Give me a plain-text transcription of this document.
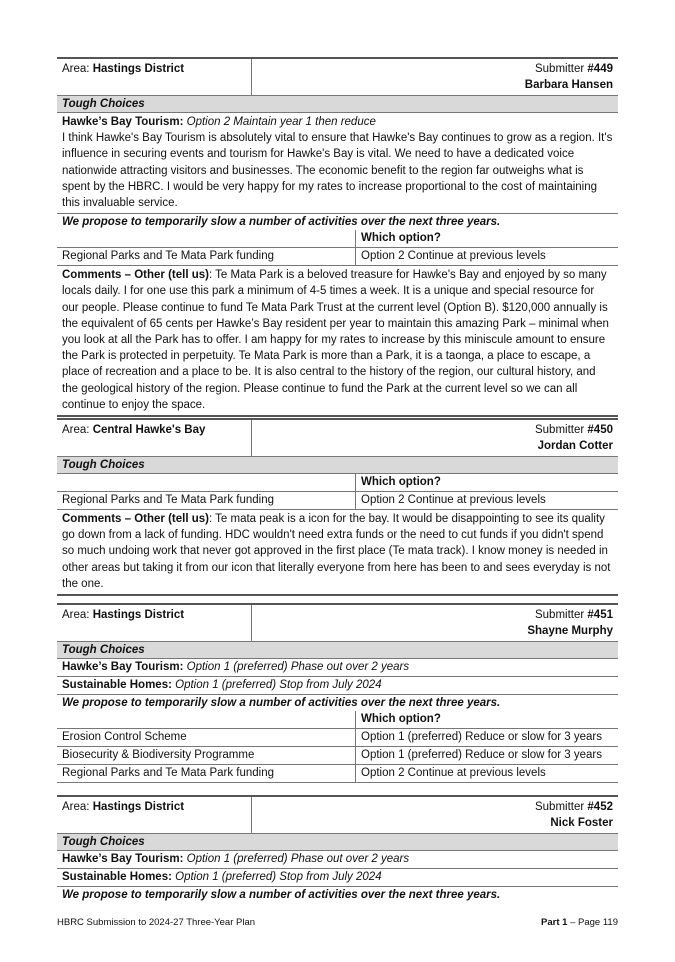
Area: Hastings District	Submitter #449
Barbara Hansen
Tough Choices
Hawke’s Bay Tourism: Option 2 Maintain year 1 then reduce
I think Hawke's Bay Tourism is absolutely vital to ensure that Hawke's Bay continues to grow as a region. It's influence in securing events and tourism for Hawke's Bay is vital. We need to have a dedicated voice nationwide attracting visitors and businesses. The economic benefit to the region far outweighs what is spent by the HBRC. I would be very happy for my rates to increase proportional to the cost of maintaining this invaluable service.
We propose to temporarily slow a number of activities over the next three years.
Which option?
Regional Parks and Te Mata Park funding	Option 2 Continue at previous levels
Comments – Other (tell us): Te Mata Park is a beloved treasure for Hawke's Bay and enjoyed by so many locals daily. I for one use this park a minimum of 4-5 times a week. It is a unique and special resource for our people. Please continue to fund Te Mata Park Trust at the current level (Option B). $120,000 annually is the equivalent of 65 cents per Hawke’s Bay resident per year to maintain this amazing Park – minimal when you look at all the Park has to offer. I am happy for my rates to increase by this miniscule amount to ensure the Park is protected in perpetuity. Te Mata Park is more than a Park, it is a taonga, a place to escape, a place of recreation and a place to be. It is also central to the history of the region, our cultural history, and the geological history of the region. Please continue to fund the Park at the current level so we can all continue to enjoy the space.
Area: Central Hawke's Bay	Submitter #450
Jordan Cotter
Tough Choices
Which option?
Regional Parks and Te Mata Park funding	Option 2 Continue at previous levels
Comments – Other (tell us): Te mata peak is a icon for the bay. It would be disappointing to see its quality go down from a lack of funding. HDC wouldn't need extra funds or the need to cut funds if you didn't spend so much undoing work that never got approved in the first place (Te mata track). I know money is needed in other areas but taking it from our icon that literally everyone from here has been to and sees everyday is not the one.
Area: Hastings District	Submitter #451
Shayne Murphy
Tough Choices
Hawke’s Bay Tourism: Option 1 (preferred) Phase out over 2 years
Sustainable Homes: Option 1 (preferred) Stop from July 2024
We propose to temporarily slow a number of activities over the next three years.
Which option?
Erosion Control Scheme	Option 1 (preferred) Reduce or slow for 3 years
Biosecurity & Biodiversity Programme	Option 1 (preferred) Reduce or slow for 3 years
Regional Parks and Te Mata Park funding	Option 2 Continue at previous levels
Area: Hastings District	Submitter #452
Nick Foster
Tough Choices
Hawke’s Bay Tourism: Option 1 (preferred) Phase out over 2 years
Sustainable Homes: Option 1 (preferred) Stop from July 2024
We propose to temporarily slow a number of activities over the next three years.
HBRC Submission to 2024-27 Three-Year Plan	Part 1 – Page 119
